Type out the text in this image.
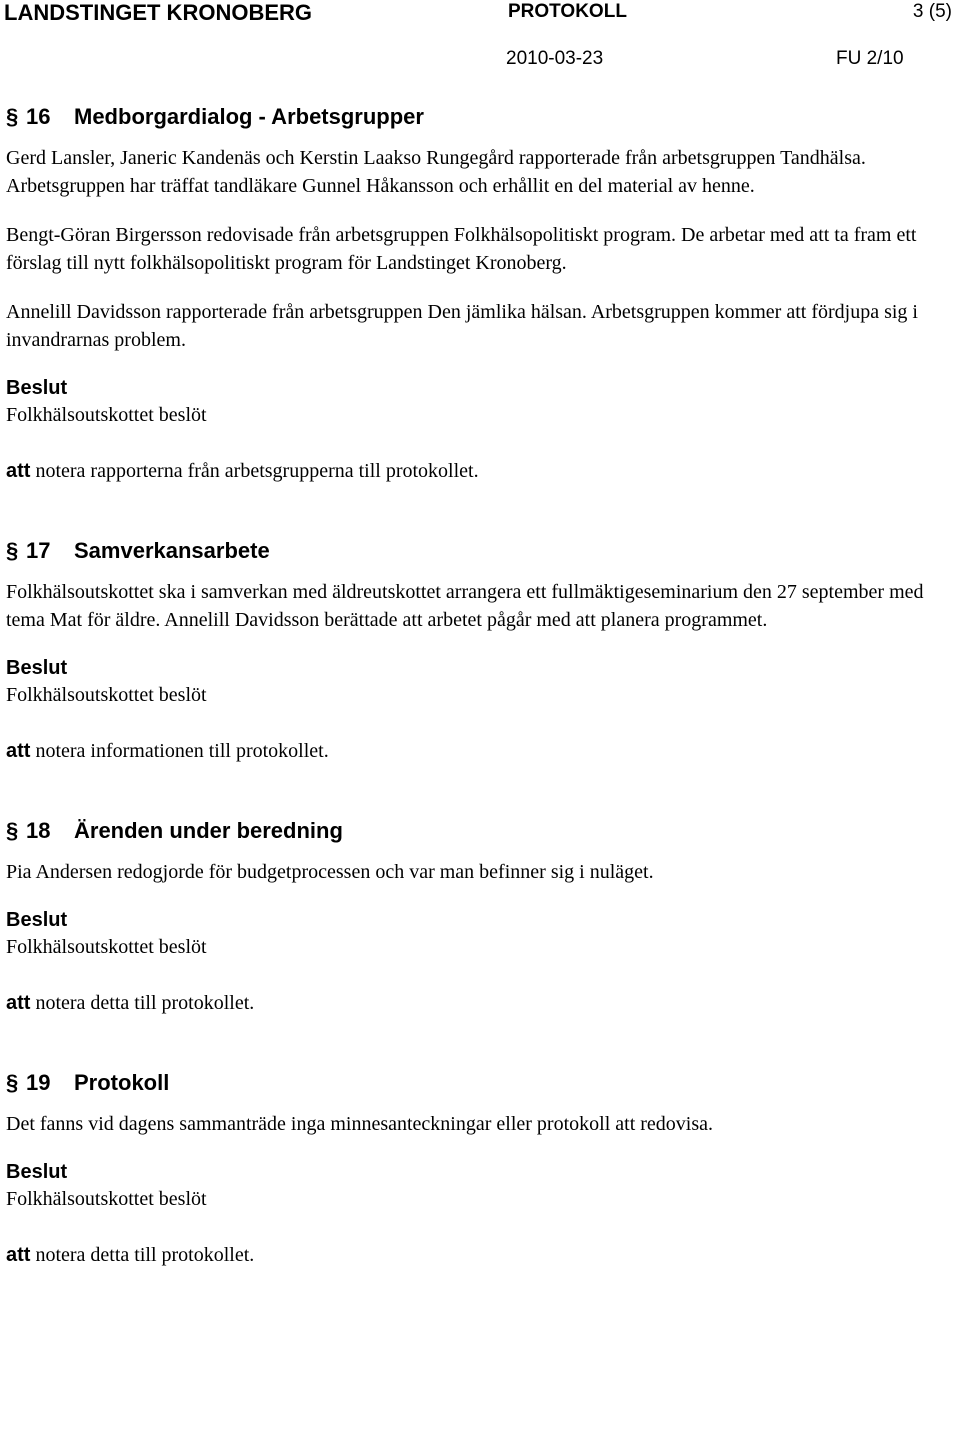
LANDSTINGET KRONOBERG	PROTOKOLL	3 (5)
2010-03-23	FU 2/10
§ 16 Medborgardialog - Arbetsgrupper

Gerd Lansler, Janeric Kandenäs och Kerstin Laakso Rungegård rapporterade från arbetsgruppen Tandhälsa. Arbetsgruppen har träffat tandläkare Gunnel Håkansson och erhållit en del material av henne.

Bengt-Göran Birgersson redovisade från arbetsgruppen Folkhälsopolitiskt program. De arbetar med att ta fram ett förslag till nytt folkhälsopolitiskt program för Landstinget Kronoberg.

Annelill Davidsson rapporterade från arbetsgruppen Den jämlika hälsan. Arbetsgruppen kommer att fördjupa sig i invandrarnas problem.

Beslut
Folkhälsoutskottet beslöt
att notera rapporterna från arbetsgrupperna till protokollet.
§ 17 Samverkansarbete

Folkhälsoutskottet ska i samverkan med äldreutskottet arrangera ett fullmäktigeseminarium den 27 september med tema Mat för äldre. Annelill Davidsson berättade att arbetet pågår med att planera programmet.

Beslut
Folkhälsoutskottet beslöt
att notera informationen till protokollet.
§ 18 Ärenden under beredning

Pia Andersen redogjorde för budgetprocessen och var man befinner sig i nuläget.

Beslut
Folkhälsoutskottet beslöt
att notera detta till protokollet.
§ 19 Protokoll

Det fanns vid dagens sammanträde inga minnesanteckningar eller protokoll att redovisa.

Beslut
Folkhälsoutskottet beslöt
att notera detta till protokollet.
